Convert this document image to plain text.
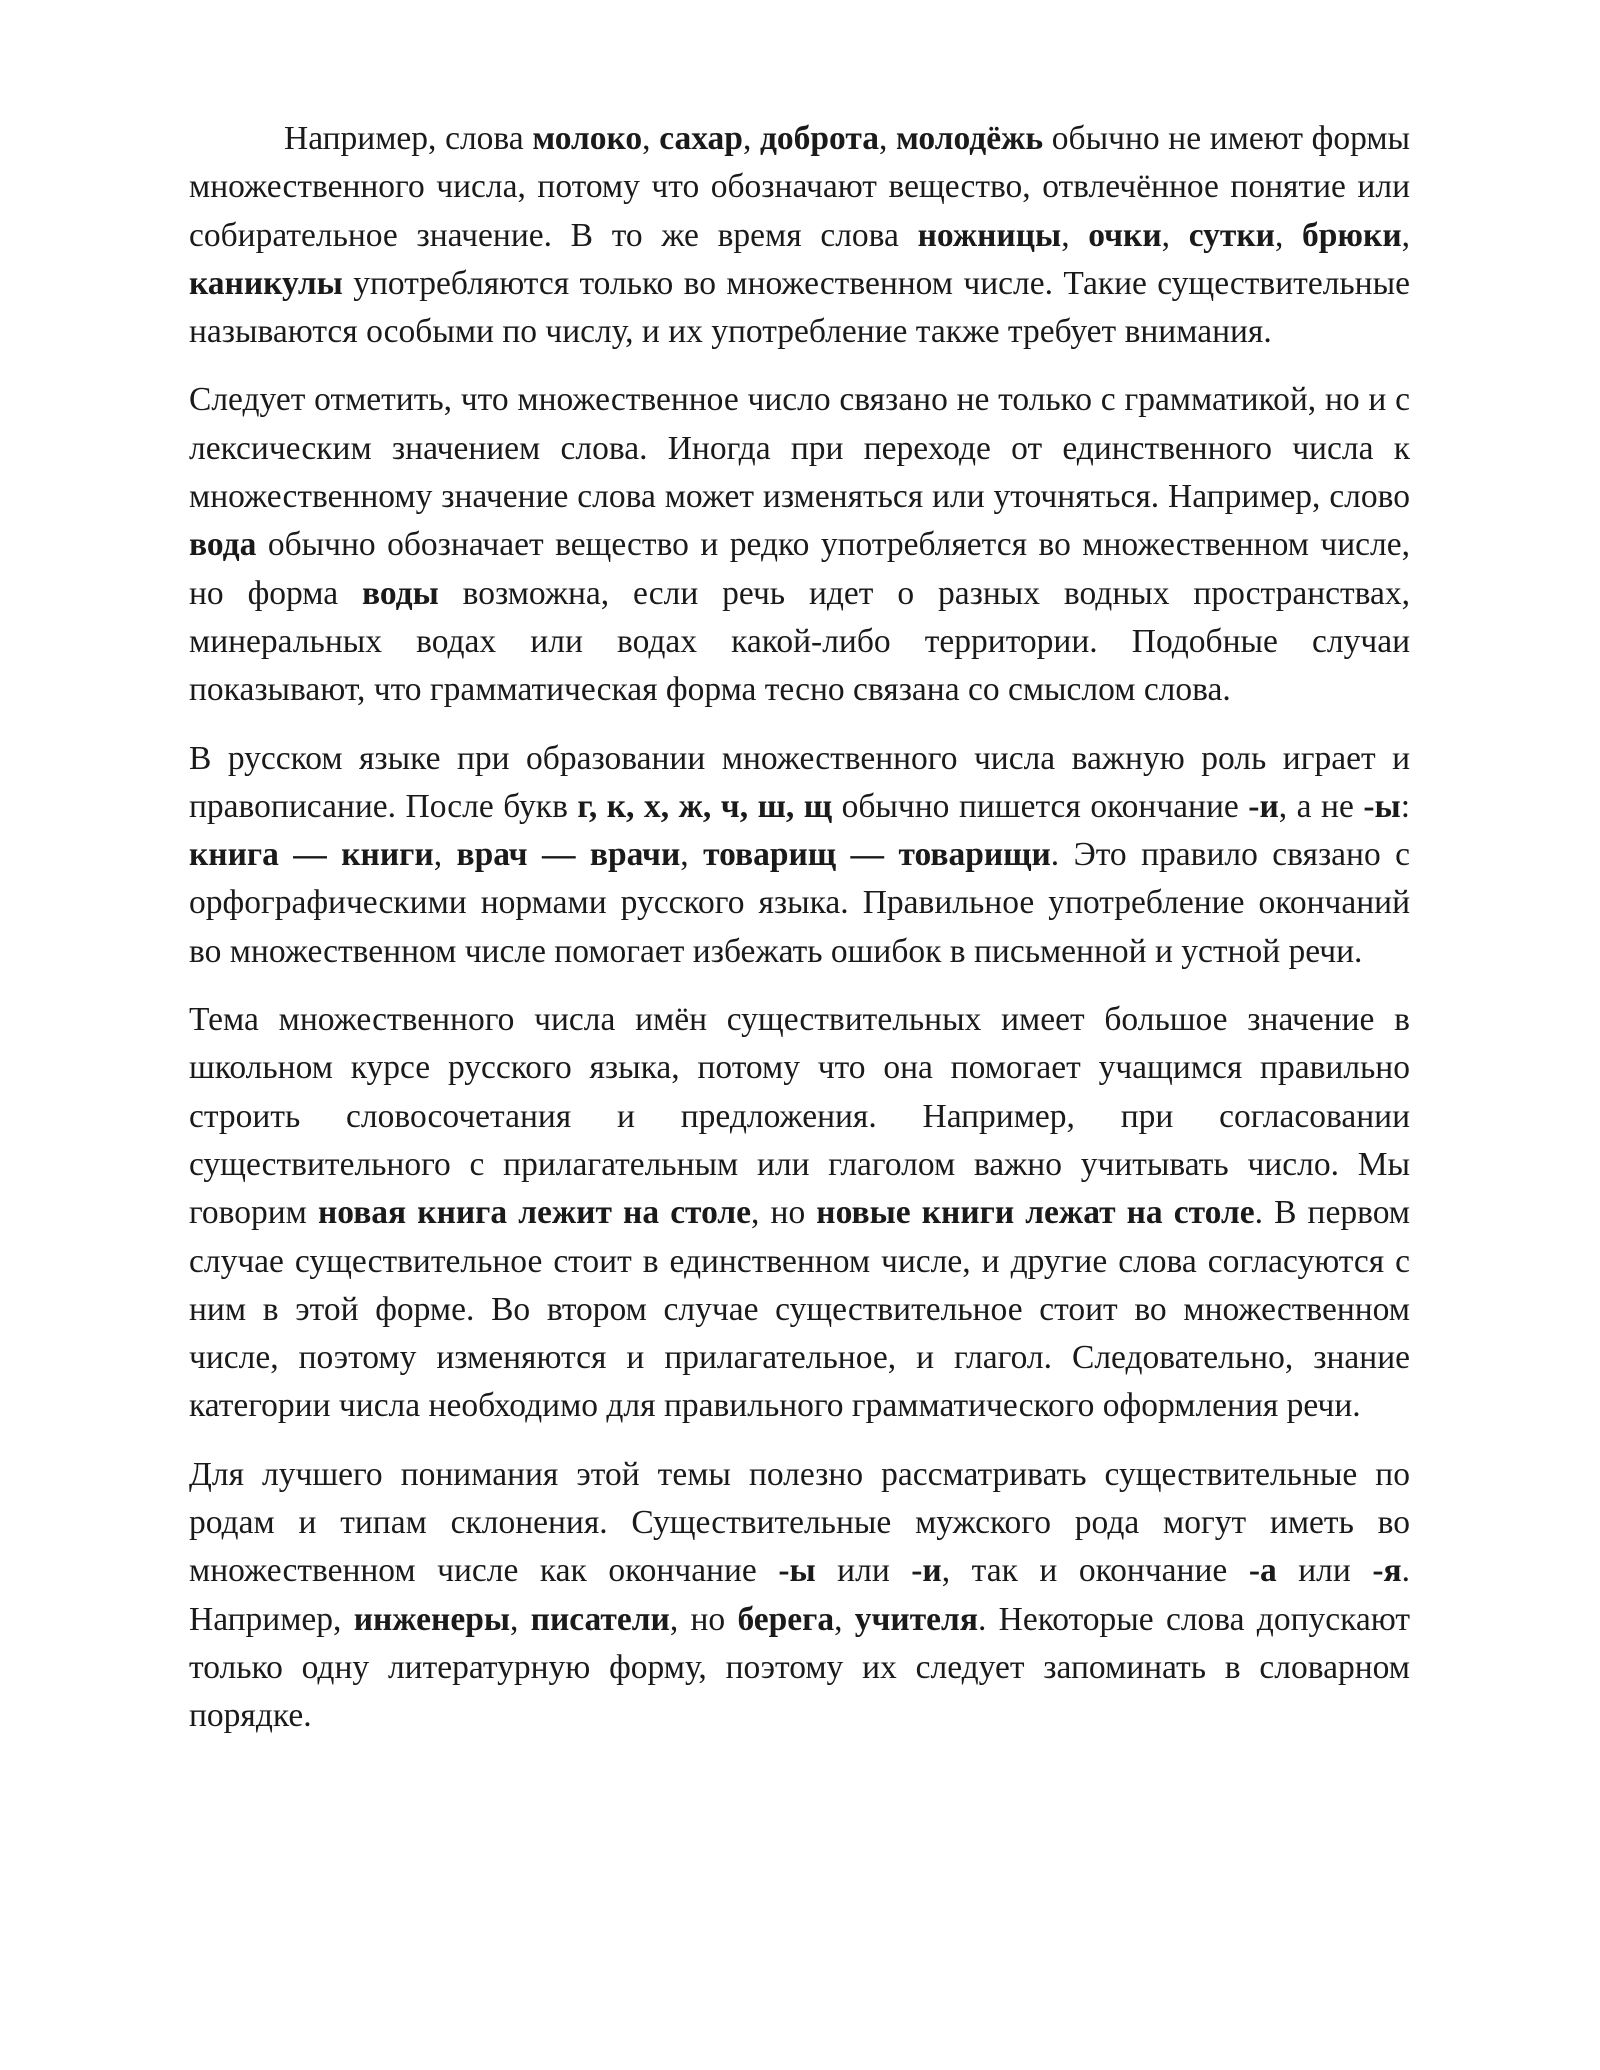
Например, слова молоко, сахар, доброта, молодёжь обычно не имеют формы множественного числа, потому что обозначают вещество, отвлечённое понятие или собирательное значение. В то же время слова ножницы, очки, сутки, брюки, каникулы употребляются только во множественном числе. Такие существительные называются особыми по числу, и их употребление также требует внимания.

Следует отметить, что множественное число связано не только с грамматикой, но и с лексическим значением слова. Иногда при переходе от единственного числа к множественному значение слова может изменяться или уточняться. Например, слово вода обычно обозначает вещество и редко употребляется во множественном числе, но форма воды возможна, если речь идет о разных водных пространствах, минеральных водах или водах какой-либо территории. Подобные случаи показывают, что грамматическая форма тесно связана со смыслом слова.

В русском языке при образовании множественного числа важную роль играет и правописание. После букв г, к, х, ж, ч, ш, щ обычно пишется окончание -и, а не -ы: книга — книги, врач — врачи, товарищ — товарищи. Это правило связано с орфографическими нормами русского языка. Правильное употребление окончаний во множественном числе помогает избежать ошибок в письменной и устной речи.

Тема множественного числа имён существительных имеет большое значение в школьном курсе русского языка, потому что она помогает учащимся правильно строить словосочетания и предложения. Например, при согласовании существительного с прилагательным или глаголом важно учитывать число. Мы говорим новая книга лежит на столе, но новые книги лежат на столе. В первом случае существительное стоит в единственном числе, и другие слова согласуются с ним в этой форме. Во втором случае существительное стоит во множественном числе, поэтому изменяются и прилагательное, и глагол. Следовательно, знание категории числа необходимо для правильного грамматического оформления речи.

Для лучшего понимания этой темы полезно рассматривать существительные по родам и типам склонения. Существительные мужского рода могут иметь во множественном числе как окончание -ы или -и, так и окончание -а или -я. Например, инженеры, писатели, но берега, учителя. Некоторые слова допускают только одну литературную форму, поэтому их следует запоминать в словарном порядке.
